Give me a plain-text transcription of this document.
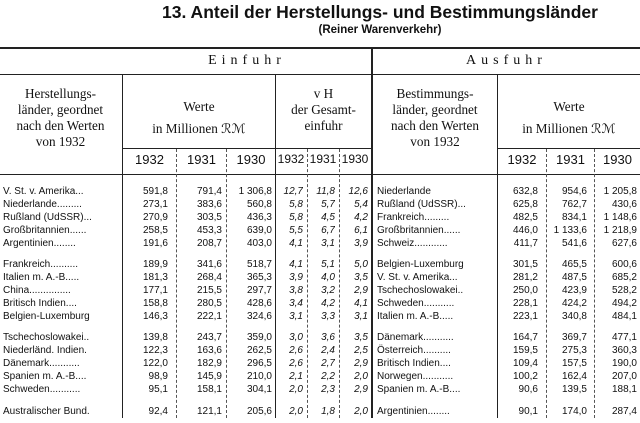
13. Anteil der Herstellungs- und Bestimmungsländer
(Reiner Warenverkehr)
Einfuhr	Ausfuhr
Herstellungs-
länder, geordnet
nach den Werten
von 1932
Werte
in Millionen ℛℳ
v H
der Gesamt-
einfuhr
Bestimmungs-
länder, geordnet
nach den Werten
von 1932
Werte
in Millionen ℛℳ
1932	1931	1930	1932 1931 1930	1932	1931	1930
V. St. v. Amerika...	591,8	791,4	1 306,8	12,7	11,8	12,6 Niederlande	632,8	954,6	1 205,8
Niederlande.........	273,1	383,6	560,8	5,8	5,7	5,4 Rußland (UdSSR)...	625,8	762,7	430,6
Rußland (UdSSR)...	270,9	303,5	436,3	5,8	4,5	4,2 Frankreich.........	482,5	834,1	1 148,6
Großbritannien......	258,5	453,3	639,0	5,5	6,7	6,1 Großbritannien......	446,0	1 133,6	1 218,9
Argentinien........	191,6	208,7	403,0	4,1	3,1	3,9 Schweiz............	411,7	541,6	627,6
Frankreich..........	189,9	341,6	518,7	4,1	5,1	5,0 Belgien-Luxemburg	301,5	465,5	600,6
Italien m. A.-B.....	181,3	268,4	365,3	3,9	4,0	3,5 V. St. v. Amerika...	281,2	487,5	685,2
China...............	177,1	215,5	297,7	3,8	3,2	2,9 Tschechoslowakei..	250,0	423,9	528,2
Britisch Indien....	158,8	280,5	428,6	3,4	4,2	4,1 Schweden...........	228,1	424,2	494,2
Belgien-Luxemburg	146,3	222,1	324,6	3,1	3,3	3,1 Italien m. A.-B.....	223,1	340,8	484,1
Tschechoslowakei..	139,8	243,7	359,0	3,0	3,6	3,5 Dänemark...........	164,7	369,7	477,1
Niederländ. Indien.	122,3	163,6	262,5	2,6	2,4	2,5 Österreich..........	159,5	275,3	360,3
Dänemark...........	122,0	182,9	296,5	2,6	2,7	2,9 Britisch Indien....	109,4	157,5	190,0
Spanien m. A.-B....	98,9	145,9	210,0	2,1	2,2	2,0 Norwegen...........	100,2	162,4	207,0
Schweden...........	95,1	158,1	304,1	2,0	2,3	2,9 Spanien m. A.-B....	90,6	139,5	188,1
Australischer Bund.	92,4	121,1	205,6	2,0	1,8	2,0 Argentinien........	90,1	174,0	287,4
